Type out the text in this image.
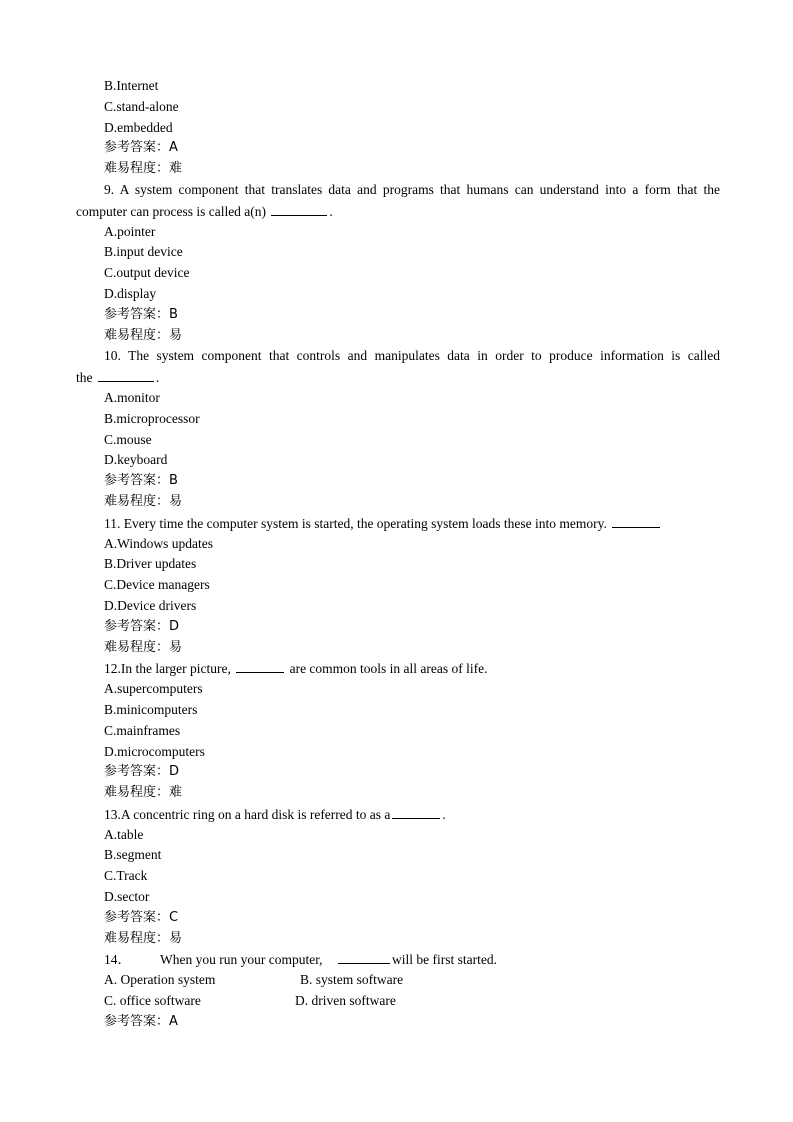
B.Internet
C.stand-alone
D.embedded
参考答案：A
难易程度：难
9. A system component that translates data and programs that humans can understand into a form that the
computer can process is called a(n)	.
A.pointer
B.input device
C.output device
D.display
参考答案：B
难易程度：易
10. The system component that controls and manipulates data in order to produce information is called
the	.
A.monitor
B.microprocessor
C.mouse
D.keyboard
参考答案：B
难易程度：易
11. Every time the computer system is started, the operating system loads these into memory.
A.Windows updates
B.Driver updates
C.Device managers
D.Device drivers
参考答案：D
难易程度：易
12.In the larger picture,	are common tools in all areas of life.
A.supercomputers
B.minicomputers
C.mainframes
D.microcomputers
参考答案：D
难易程度：难
13.A concentric ring on a hard disk is referred to as a	.
A.table
B.segment
C.Track
D.sector
参考答案：C
难易程度：易
14． When you run your computer,	will be first started.
A. Operation system	B. system software
C. office software	D. driven software
参考答案：A
